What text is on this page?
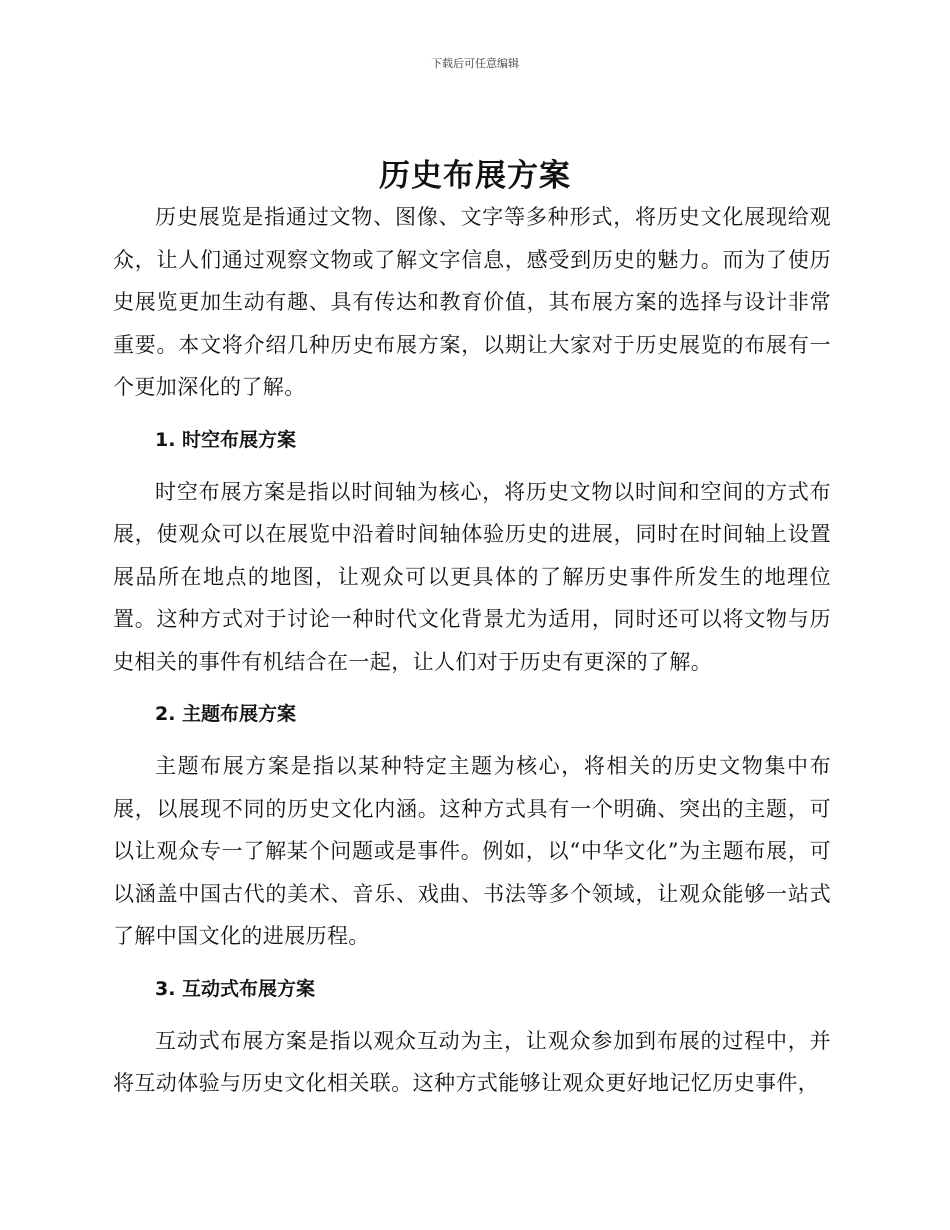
下载后可任意编辑
历史布展方案

历史展览是指通过文物、图像、文字等多种形式，将历史文化展现给观众，让人们通过观察文物或了解文字信息，感受到历史的魅力。而为了使历史展览更加生动有趣、具有传达和教育价值，其布展方案的选择与设计非常重要。本文将介绍几种历史布展方案，以期让大家对于历史展览的布展有一个更加深化的了解。

1. 时空布展方案

时空布展方案是指以时间轴为核心，将历史文物以时间和空间的方式布展，使观众可以在展览中沿着时间轴体验历史的进展，同时在时间轴上设置展品所在地点的地图，让观众可以更具体的了解历史事件所发生的地理位置。这种方式对于讨论一种时代文化背景尤为适用，同时还可以将文物与历史相关的事件有机结合在一起，让人们对于历史有更深的了解。

2. 主题布展方案

主题布展方案是指以某种特定主题为核心，将相关的历史文物集中布展，以展现不同的历史文化内涵。这种方式具有一个明确、突出的主题，可以让观众专一了解某个问题或是事件。例如，以“中华文化”为主题布展，可以涵盖中国古代的美术、音乐、戏曲、书法等多个领域，让观众能够一站式了解中国文化的进展历程。

3. 互动式布展方案

互动式布展方案是指以观众互动为主，让观众参加到布展的过程中，并将互动体验与历史文化相关联。这种方式能够让观众更好地记忆历史事件，
